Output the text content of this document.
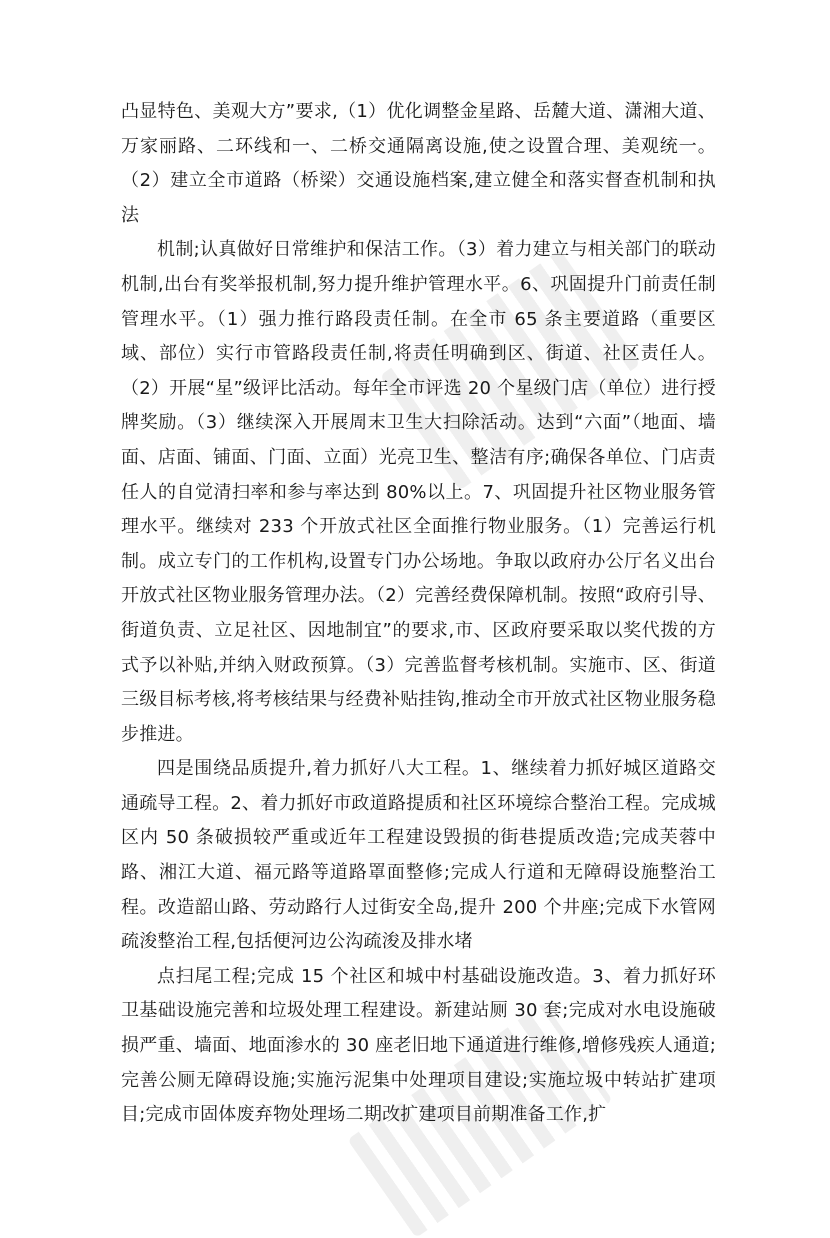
凸显特色、美观大方”要求,（1）优化调整金星路、岳麓大道、潇湘大道、万家丽路、二环线和一、二桥交通隔离设施,使之设置合理、美观统一。（2）建立全市道路（桥梁）交通设施档案,建立健全和落实督查机制和执法

机制;认真做好日常维护和保洁工作。（3）着力建立与相关部门的联动机制,出台有奖举报机制,努力提升维护管理水平。6、巩固提升门前责任制管理水平。（1）强力推行路段责任制。在全市 65 条主要道路（重要区域、部位）实行市管路段责任制,将责任明确到区、街道、社区责任人。（2）开展“星”级评比活动。每年全市评选 20 个星级门店（单位）进行授牌奖励。（3）继续深入开展周末卫生大扫除活动。达到“六面”（地面、墙面、店面、铺面、门面、立面）光亮卫生、整洁有序;确保各单位、门店责任人的自觉清扫率和参与率达到 80%以上。7、巩固提升社区物业服务管理水平。继续对 233 个开放式社区全面推行物业服务。（1）完善运行机制。成立专门的工作机构,设置专门办公场地。争取以政府办公厅名义出台开放式社区物业服务管理办法。（2）完善经费保障机制。按照“政府引导、街道负责、立足社区、因地制宜”的要求,市、区政府要采取以奖代拨的方式予以补贴,并纳入财政预算。（3）完善监督考核机制。实施市、区、街道三级目标考核,将考核结果与经费补贴挂钩,推动全市开放式社区物业服务稳步推进。

四是围绕品质提升,着力抓好八大工程。1、继续着力抓好城区道路交通疏导工程。2、着力抓好市政道路提质和社区环境综合整治工程。完成城区内 50 条破损较严重或近年工程建设毁损的街巷提质改造;完成芙蓉中路、湘江大道、福元路等道路罩面整修;完成人行道和无障碍设施整治工程。改造韶山路、劳动路行人过街安全岛,提升 200 个井座;完成下水管网疏浚整治工程,包括便河边公沟疏浚及排水堵

点扫尾工程;完成 15 个社区和城中村基础设施改造。3、着力抓好环卫基础设施完善和垃圾处理工程建设。新建站厕 30 套;完成对水电设施破损严重、墙面、地面渗水的 30 座老旧地下通道进行维修,增修残疾人通道;完善公厕无障碍设施;实施污泥集中处理项目建设;实施垃圾中转站扩建项目;完成市固体废弃物处理场二期改扩建项目前期准备工作,扩
